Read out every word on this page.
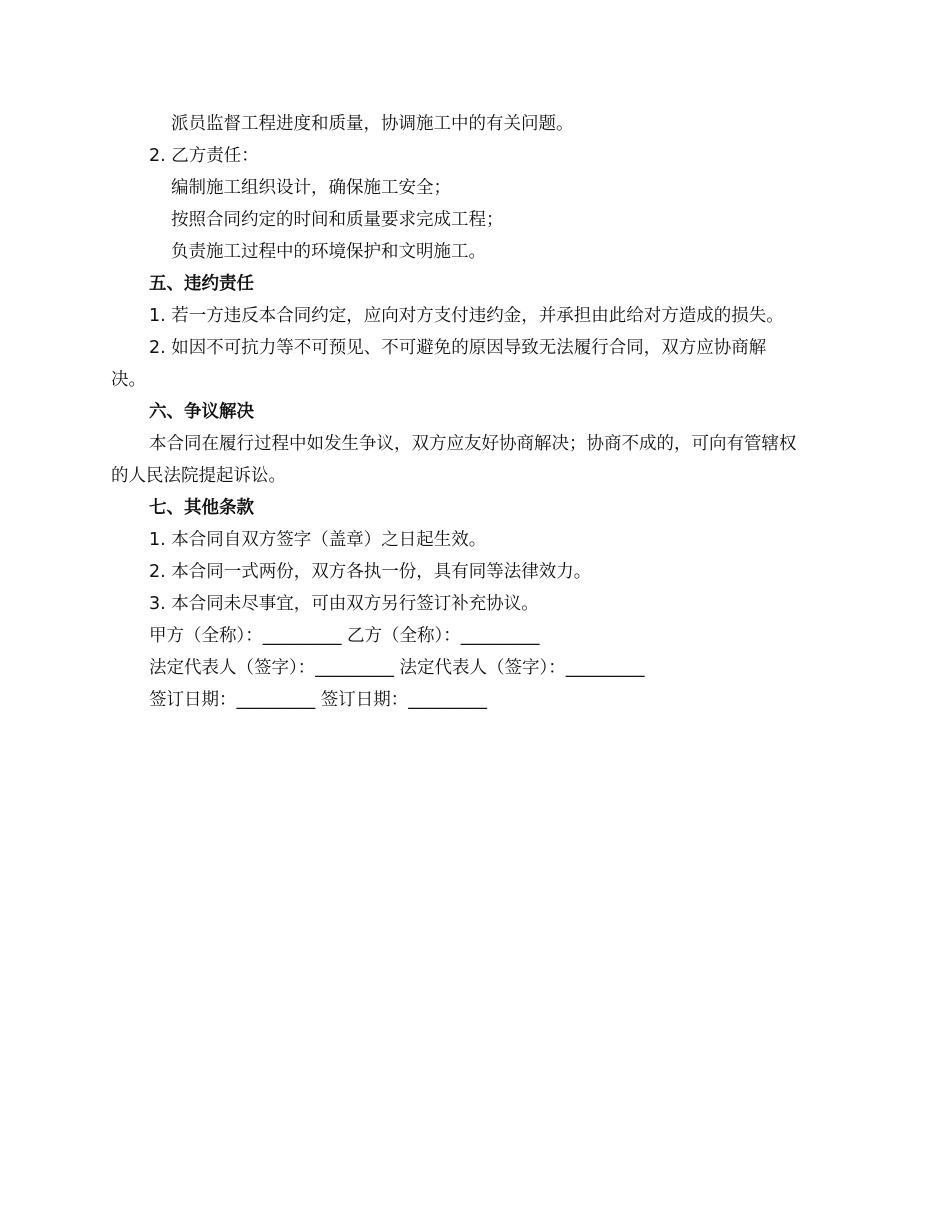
派员监督工程进度和质量，协调施工中的有关问题。
2. 乙方责任：
编制施工组织设计，确保施工安全；
按照合同约定的时间和质量要求完成工程；
负责施工过程中的环境保护和文明施工。
五、违约责任
1. 若一方违反本合同约定，应向对方支付违约金，并承担由此给对方造成的损失。
2. 如因不可抗力等不可预见、不可避免的原因导致无法履行合同，双方应协商解
决。
六、争议解决
本合同在履行过程中如发生争议，双方应友好协商解决；协商不成的，可向有管辖权
的人民法院提起诉讼。
七、其他条款
1. 本合同自双方签字（盖章）之日起生效。
2. 本合同一式两份，双方各执一份，具有同等法律效力。
3. 本合同未尽事宜，可由双方另行签订补充协议。
甲方（全称）：_________ 乙方（全称）：_________
法定代表人（签字）：_________ 法定代表人（签字）：_________
签订日期：_________ 签订日期：_________
